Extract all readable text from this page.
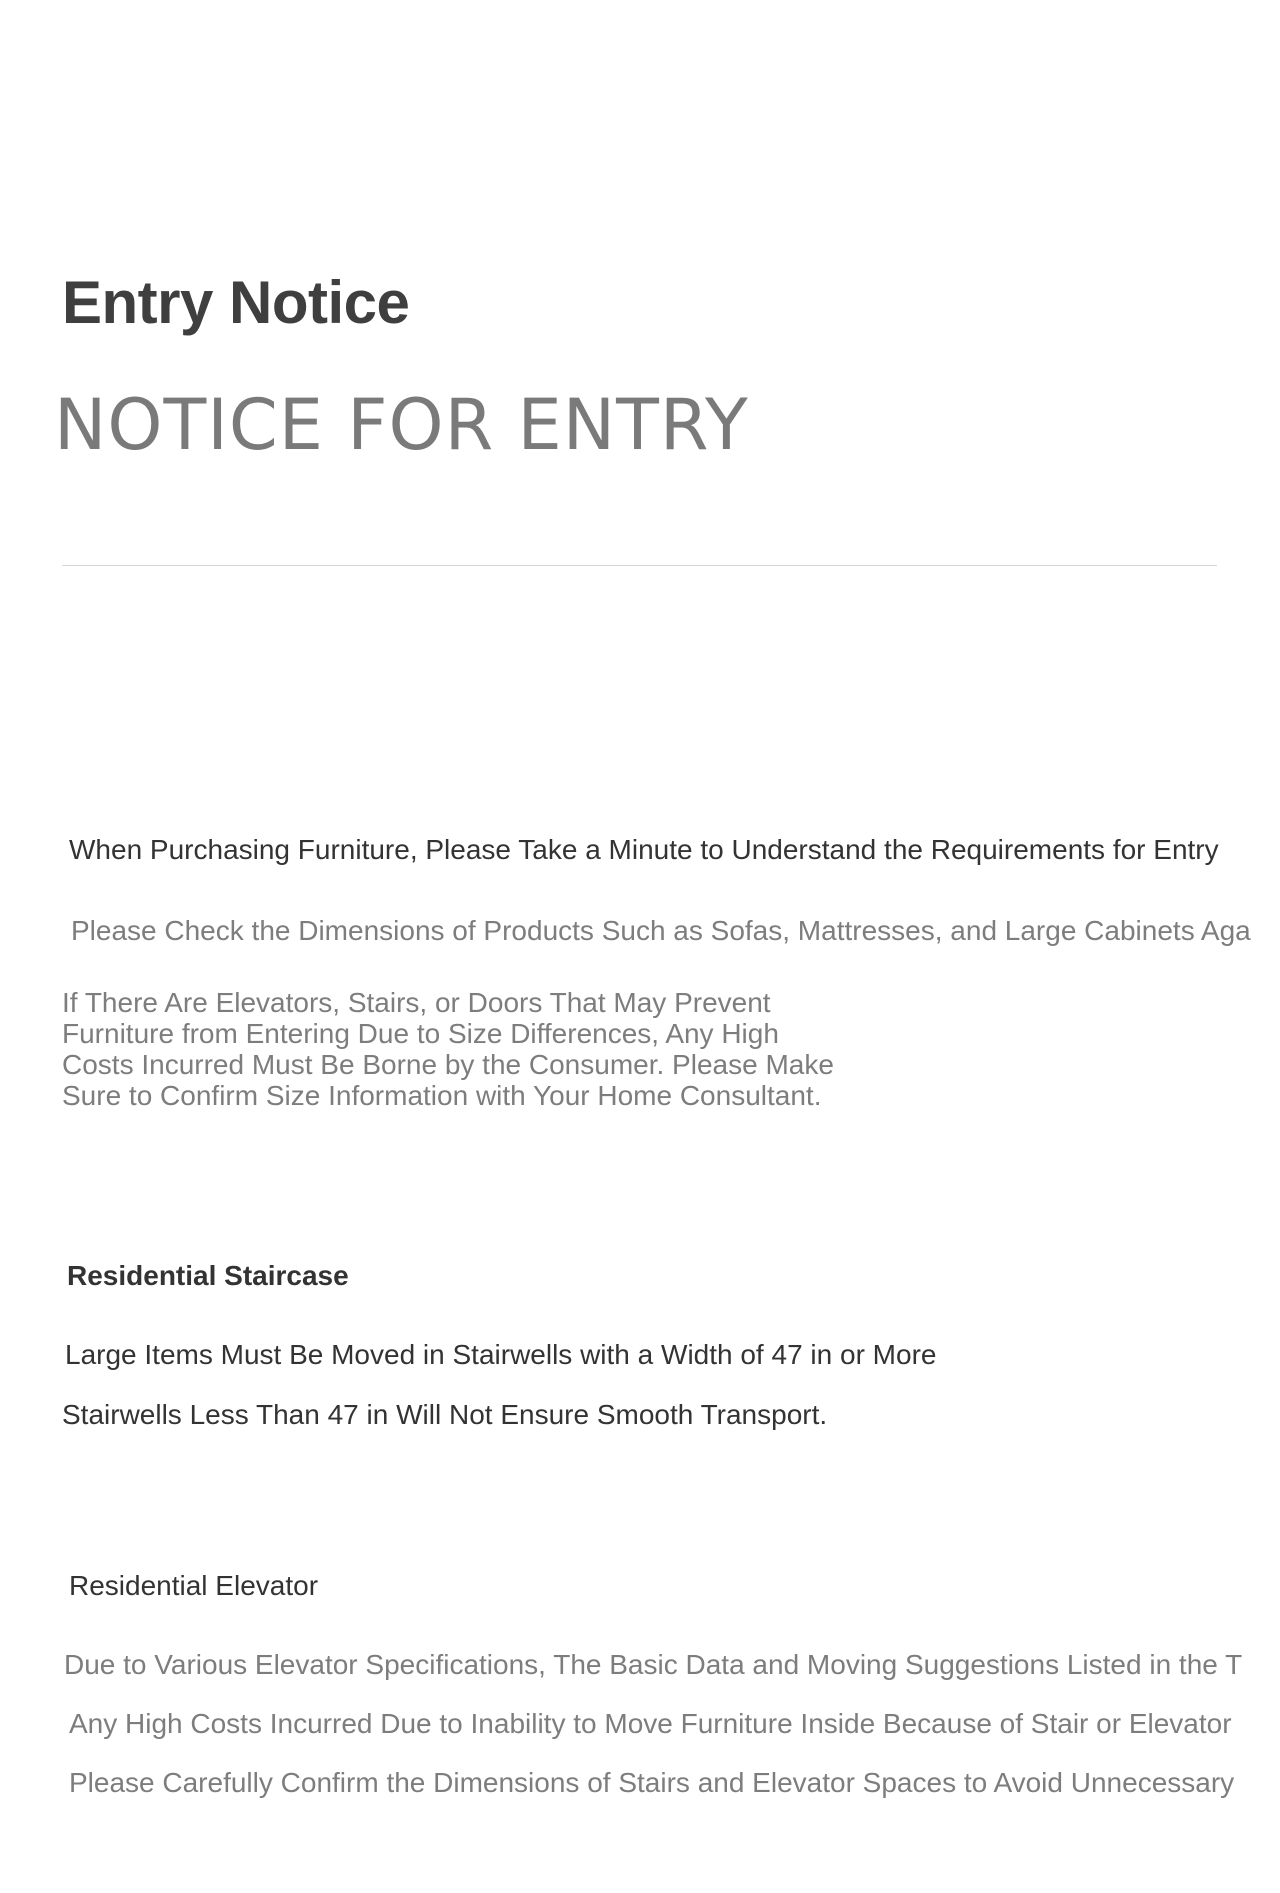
Entry Notice
NOTICE FOR ENTRY
When Purchasing Furniture, Please Take a Minute to Understand the Requirements for Entry
Please Check the Dimensions of Products Such as Sofas, Mattresses, and Large Cabinets Aga
If There Are Elevators, Stairs, or Doors That May Prevent
Furniture from Entering Due to Size Differences, Any High
Costs Incurred Must Be Borne by the Consumer. Please Make
Sure to Confirm Size Information with Your Home Consultant.
Residential Staircase
Large Items Must Be Moved in Stairwells with a Width of 47 in or More
Stairwells Less Than 47 in Will Not Ensure Smooth Transport.
Residential Elevator
Due to Various Elevator Specifications, The Basic Data and Moving Suggestions Listed in the T
Any High Costs Incurred Due to Inability to Move Furniture Inside Because of Stair or Elevator
Please Carefully Confirm the Dimensions of Stairs and Elevator Spaces to Avoid Unnecessary
